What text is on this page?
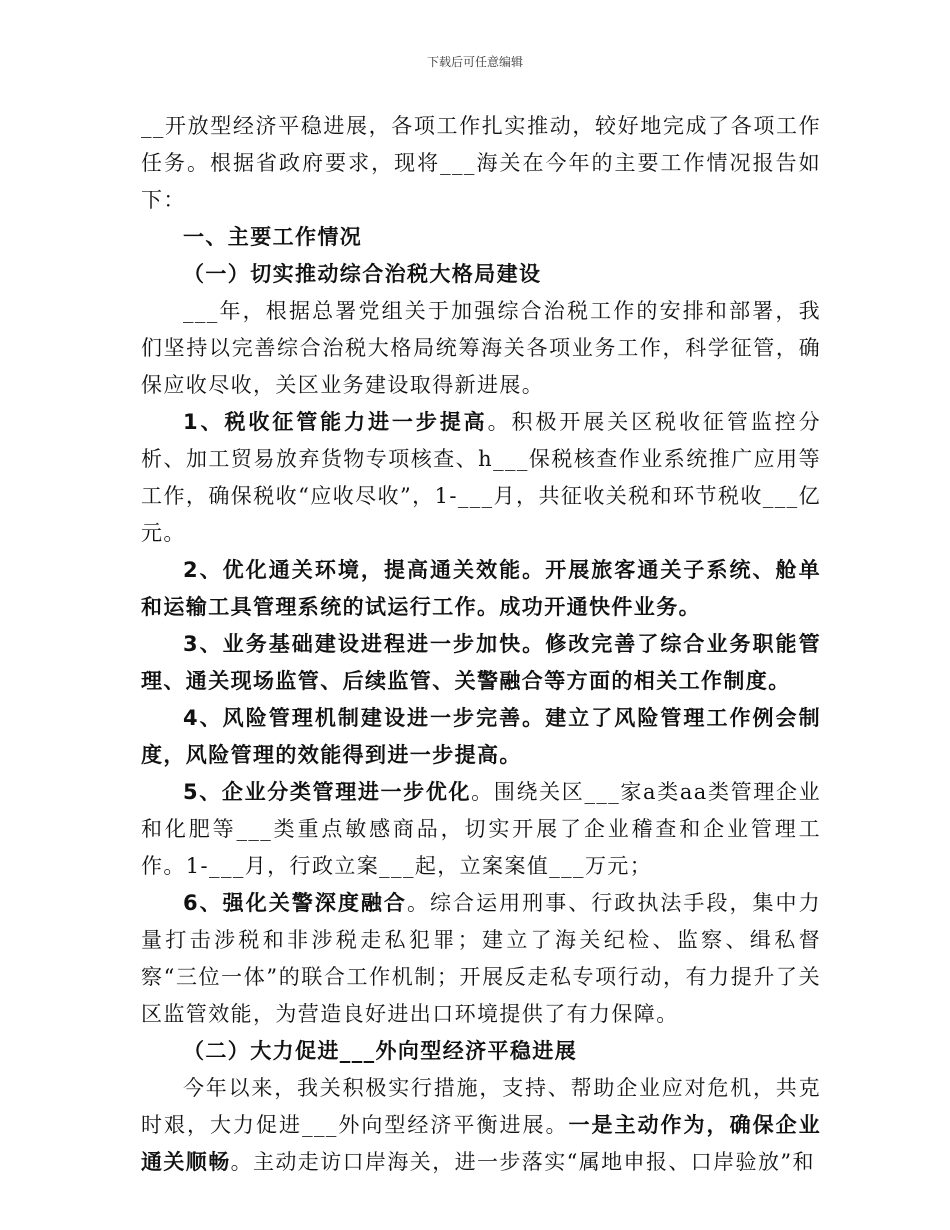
下载后可任意编辑

__开放型经济平稳进展，各项工作扎实推动，较好地完成了各项工作任务。根据省政府要求，现将___海关在今年的主要工作情况报告如下：

一、主要工作情况

（一）切实推动综合治税大格局建设

___年，根据总署党组关于加强综合治税工作的安排和部署，我们坚持以完善综合治税大格局统筹海关各项业务工作，科学征管，确保应收尽收，关区业务建设取得新进展。

1、税收征管能力进一步提高。积极开展关区税收征管监控分析、加工贸易放弃货物专项核查、h___保税核查作业系统推广应用等工作，确保税收“应收尽收”，1-___月，共征收关税和环节税收___亿元。

2、优化通关环境，提高通关效能。开展旅客通关子系统、舱单和运输工具管理系统的试运行工作。成功开通快件业务。

3、业务基础建设进程进一步加快。修改完善了综合业务职能管理、通关现场监管、后续监管、关警融合等方面的相关工作制度。

4、风险管理机制建设进一步完善。建立了风险管理工作例会制度，风险管理的效能得到进一步提高。

5、企业分类管理进一步优化。围绕关区___家a类aa类管理企业和化肥等___类重点敏感商品，切实开展了企业稽查和企业管理工作。1-___月，行政立案___起，立案案值___万元；

6、强化关警深度融合。综合运用刑事、行政执法手段，集中力量打击涉税和非涉税走私犯罪；建立了海关纪检、监察、缉私督察“三位一体”的联合工作机制；开展反走私专项行动，有力提升了关区监管效能，为营造良好进出口环境提供了有力保障。

（二）大力促进___外向型经济平稳进展

今年以来，我关积极实行措施，支持、帮助企业应对危机，共克时艰，大力促进___外向型经济平衡进展。一是主动作为，确保企业通关顺畅。主动走访口岸海关，进一步落实“属地申报、口岸验放”和
